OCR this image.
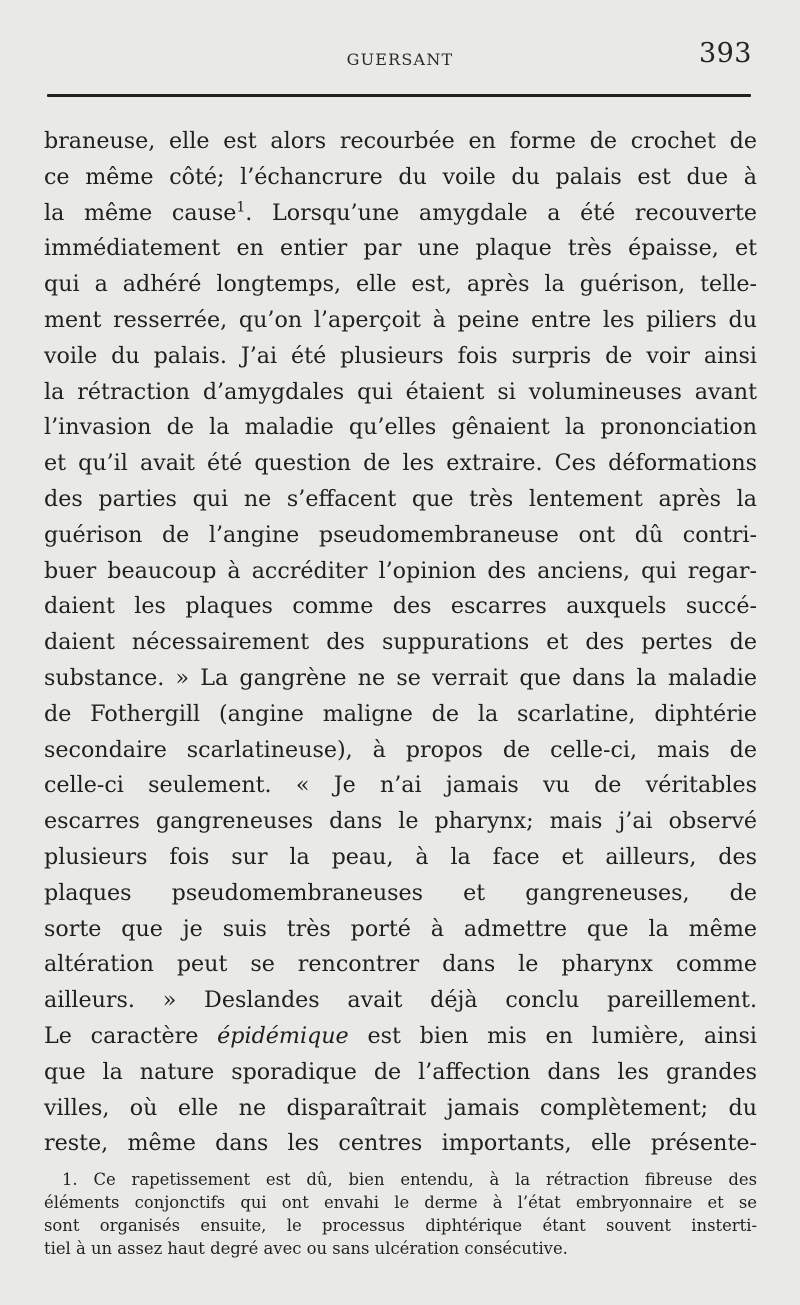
GUERSANT	393
braneuse, elle est alors recourbée en forme de crochet de
ce même côté; l’échancrure du voile du palais est due à
la même cause$^1$. Lorsqu’une amygdale a été recouverte
immédiatement en entier par une plaque très épaisse, et
qui a adhéré longtemps, elle est, après la guérison, telle-
ment resserrée, qu’on l’aperçoit à peine entre les piliers du
voile du palais. J’ai été plusieurs fois surpris de voir ainsi
la rétraction d’amygdales qui étaient si volumineuses avant
l’invasion de la maladie qu’elles gênaient la prononciation
et qu’il avait été question de les extraire. Ces déformations
des parties qui ne s’effacent que très lentement après la
guérison de l’angine pseudomembraneuse ont dû contri-
buer beaucoup à accréditer l’opinion des anciens, qui regar-
daient les plaques comme des escarres auxquels succé-
daient nécessairement des suppurations et des pertes de
substance. » La gangrène ne se verrait que dans la maladie
de Fothergill (angine maligne de la scarlatine, diphtérie
secondaire scarlatineuse), à propos de celle-ci, mais de
celle-ci seulement. « Je n’ai jamais vu de véritables
escarres gangreneuses dans le pharynx; mais j’ai observé
plusieurs fois sur la peau, à la face et ailleurs, des
plaques pseudomembraneuses et gangreneuses, de
sorte que je suis très porté à admettre que la même
altération peut se rencontrer dans le pharynx comme
ailleurs. » Deslandes avait déjà conclu pareillement.
Le caractère épidémique est bien mis en lumière, ainsi
que la nature sporadique de l’affection dans les grandes
villes, où elle ne disparaîtrait jamais complètement; du
reste, même dans les centres importants, elle présente-
1. Ce rapetissement est dû, bien entendu, à la rétraction fibreuse des
éléments conjonctifs qui ont envahi le derme à l’état embryonnaire et se
sont organisés ensuite, le processus diphtérique étant souvent insterti-
tiel à un assez haut degré avec ou sans ulcération consécutive.
